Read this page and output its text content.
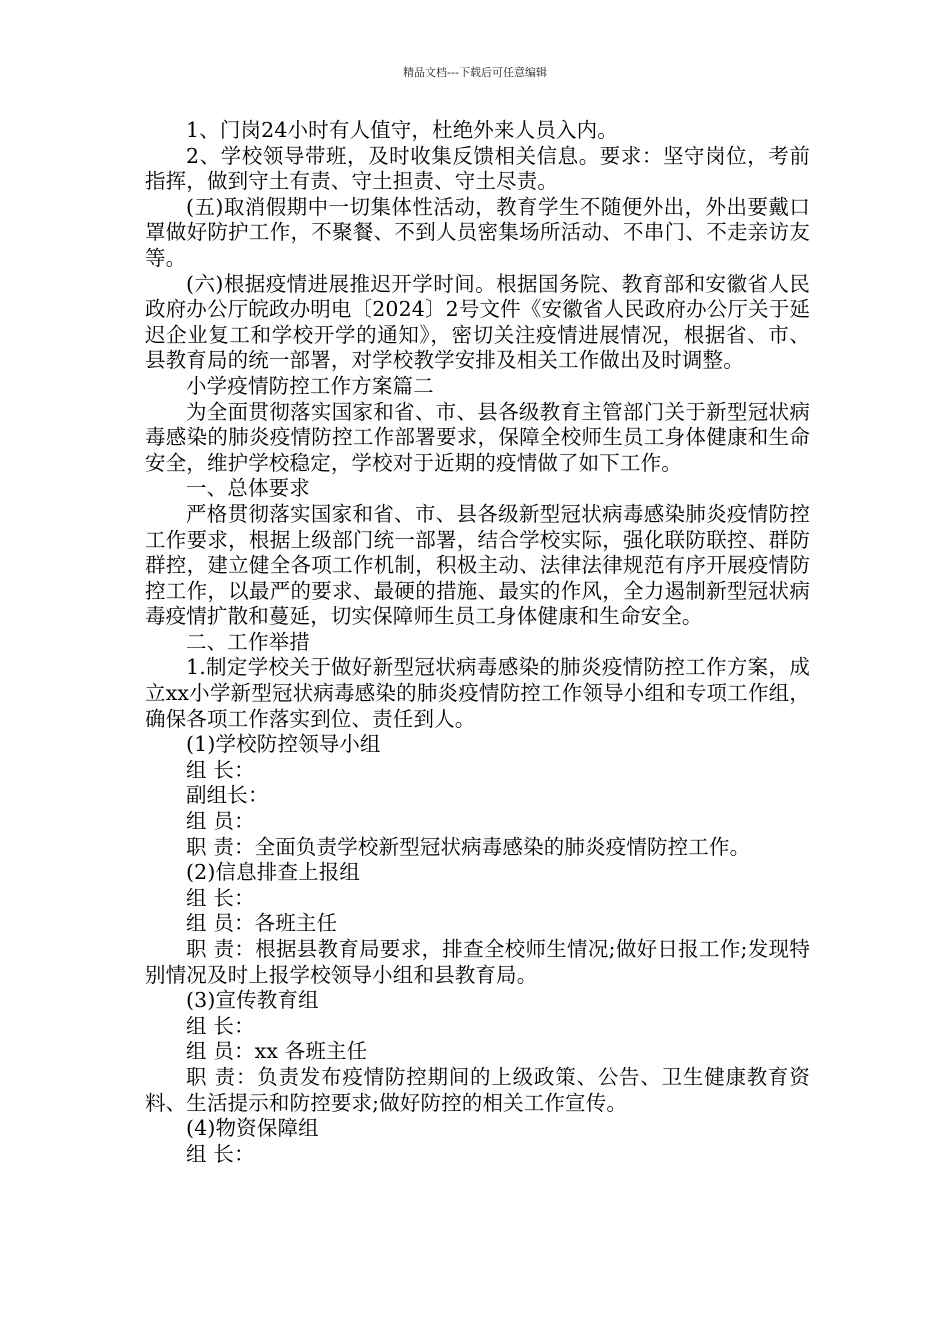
精品文档---下载后可任意编辑

1、门岗24小时有人值守，杜绝外来人员入内。

2、学校领导带班，及时收集反馈相关信息。要求：坚守岗位，考前指挥，做到守土有责、守土担责、守土尽责。

(五)取消假期中一切集体性活动，教育学生不随便外出，外出要戴口罩做好防护工作，不聚餐、不到人员密集场所活动、不串门、不走亲访友等。

(六)根据疫情进展推迟开学时间。根据国务院、教育部和安徽省人民政府办公厅皖政办明电〔2024〕2号文件《安徽省人民政府办公厅关于延迟企业复工和学校开学的通知》，密切关注疫情进展情况，根据省、市、县教育局的统一部署，对学校教学安排及相关工作做出及时调整。

小学疫情防控工作方案篇二

为全面贯彻落实国家和省、市、县各级教育主管部门关于新型冠状病毒感染的肺炎疫情防控工作部署要求，保障全校师生员工身体健康和生命安全，维护学校稳定，学校对于近期的疫情做了如下工作。

一、总体要求

严格贯彻落实国家和省、市、县各级新型冠状病毒感染肺炎疫情防控工作要求，根据上级部门统一部署，结合学校实际，强化联防联控、群防群控，建立健全各项工作机制，积极主动、法律法律规范有序开展疫情防控工作，以最严的要求、最硬的措施、最实的作风，全力遏制新型冠状病毒疫情扩散和蔓延，切实保障师生员工身体健康和生命安全。

二、工作举措

1.制定学校关于做好新型冠状病毒感染的肺炎疫情防控工作方案，成立xx小学新型冠状病毒感染的肺炎疫情防控工作领导小组和专项工作组，确保各项工作落实到位、责任到人。

(1)学校防控领导小组

组 长：

副组长：

组 员：

职 责：全面负责学校新型冠状病毒感染的肺炎疫情防控工作。

(2)信息排查上报组

组 长：

组 员：各班主任

职 责：根据县教育局要求，排查全校师生情况;做好日报工作;发现特别情况及时上报学校领导小组和县教育局。

(3)宣传教育组

组 长：

组 员：xx 各班主任

职 责：负责发布疫情防控期间的上级政策、公告、卫生健康教育资料、生活提示和防控要求;做好防控的相关工作宣传。

(4)物资保障组

组 长：
